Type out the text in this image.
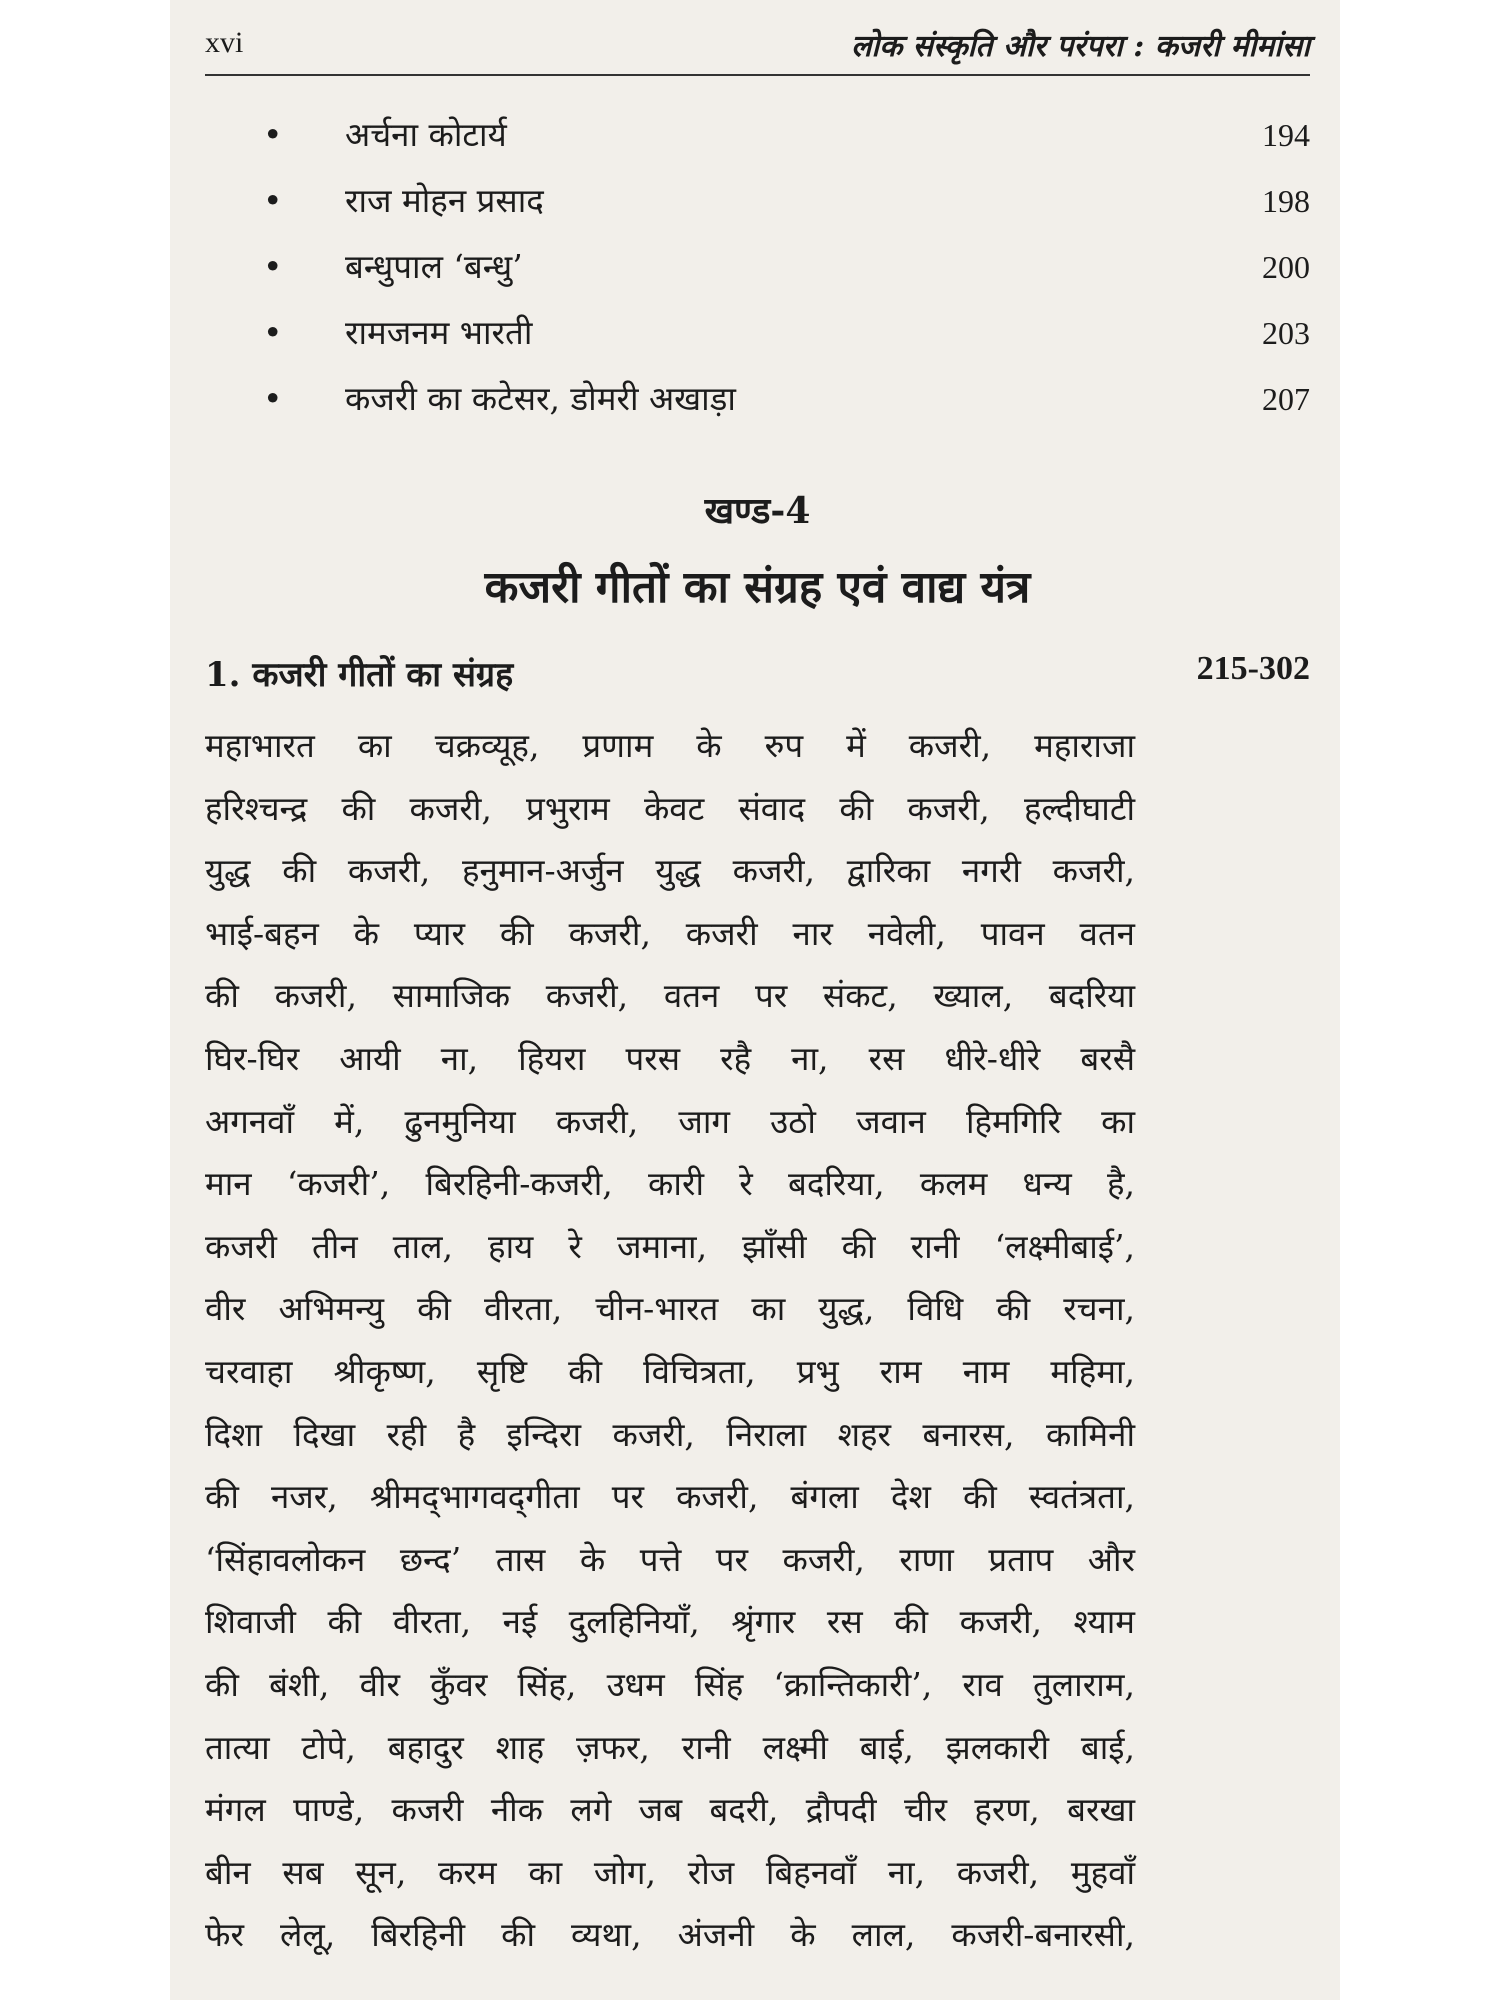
xvi	लोक संस्कृति और परंपरा : कजरी मीमांसा
• अर्चना कोटार्य	194
• राज मोहन प्रसाद	198
• बन्धुपाल ‘बन्धु’	200
• रामजनम भारती	203
• कजरी का कटेसर, डोमरी अखाड़ा	207
खण्ड-4
कजरी गीतों का संग्रह एवं वाद्य यंत्र
1. कजरी गीतों का संग्रह	215-302
महाभारत का चक्रव्यूह, प्रणाम के रुप में कजरी, महाराजा
हरिश्चन्द्र की कजरी, प्रभुराम केवट संवाद की कजरी, हल्दीघाटी
युद्ध की कजरी, हनुमान-अर्जुन युद्ध कजरी, द्वारिका नगरी कजरी,
भाई-बहन के प्यार की कजरी, कजरी नार नवेली, पावन वतन
की कजरी, सामाजिक कजरी, वतन पर संकट, ख्याल, बदरिया
घिर-घिर आयी ना, हियरा परस रहै ना, रस धीरे-धीरे बरसै
अगनवाँ में, ढुनमुनिया कजरी, जाग उठो जवान हिमगिरि का
मान ‘कजरी’, बिरहिनी-कजरी, कारी रे बदरिया, कलम धन्य है,
कजरी तीन ताल, हाय रे जमाना, झाँसी की रानी ‘लक्ष्मीबाई’,
वीर अभिमन्यु की वीरता, चीन-भारत का युद्ध, विधि की रचना,
चरवाहा श्रीकृष्ण, सृष्टि की विचित्रता, प्रभु राम नाम महिमा,
दिशा दिखा रही है इन्दिरा कजरी, निराला शहर बनारस, कामिनी
की नजर, श्रीमद्‌भागवद्‌गीता पर कजरी, बंगला देश की स्वतंत्रता,
‘सिंहावलोकन छन्द’ तास के पत्ते पर कजरी, राणा प्रताप और
शिवाजी की वीरता, नई दुलहिनियाँ, श्रृंगार रस की कजरी, श्याम
की बंशी, वीर कुँवर सिंह, उधम सिंह ‘क्रान्तिकारी’, राव तुलाराम,
तात्या टोपे, बहादुर शाह ज़फर, रानी लक्ष्मी बाई, झलकारी बाई,
मंगल पाण्डे, कजरी नीक लगे जब बदरी, द्रौपदी चीर हरण, बरखा
बीन सब सून, करम का जोग, रोज बिहनवाँ ना, कजरी, मुहवाँ
फेर लेलू, बिरहिनी की व्यथा, अंजनी के लाल, कजरी-बनारसी,
